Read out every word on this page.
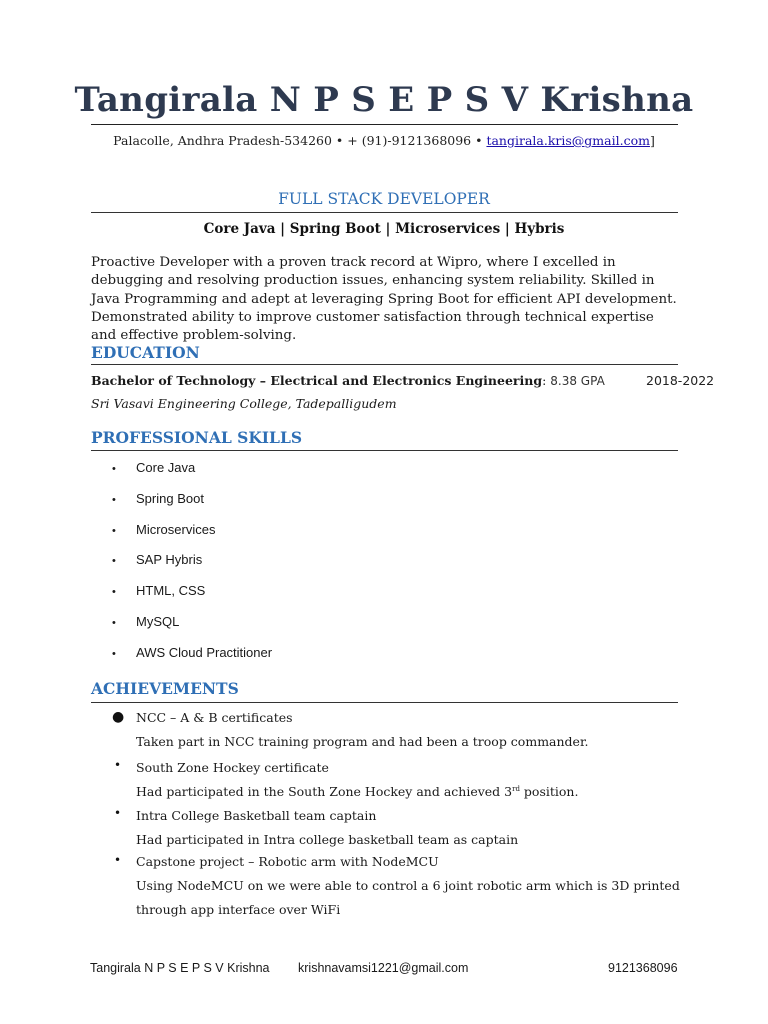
Tangirala N P S E P S V Krishna
Palacolle, Andhra Pradesh-534260 • + (91)-9121368096 • tangirala.kris@gmail.com]
FULL STACK DEVELOPER
Core Java | Spring Boot | Microservices | Hybris
Proactive Developer with a proven track record at Wipro, where I excelled in debugging and resolving production issues, enhancing system reliability. Skilled in Java Programming and adept at leveraging Spring Boot for efficient API development. Demonstrated ability to improve customer satisfaction through technical expertise and effective problem-solving.
EDUCATION
Bachelor of Technology – Electrical and Electronics Engineering: 8.38 GPA	2018-2022
Sri Vasavi Engineering College, Tadepalligudem
PROFESSIONAL SKILLS
• Core Java
• Spring Boot
• Microservices
• SAP Hybris
• HTML, CSS
• MySQL
• AWS Cloud Practitioner
ACHIEVEMENTS
● NCC – A & B certificates
Taken part in NCC training program and had been a troop commander.
• South Zone Hockey certificate
Had participated in the South Zone Hockey and achieved 3rd position.
• Intra College Basketball team captain
Had participated in Intra college basketball team as captain
• Capstone project – Robotic arm with NodeMCU
Using NodeMCU on we were able to control a 6 joint robotic arm which is 3D printed
through app interface over WiFi
Tangirala N P S E P S V Krishna krishnavamsi1221@gmail.com	9121368096
